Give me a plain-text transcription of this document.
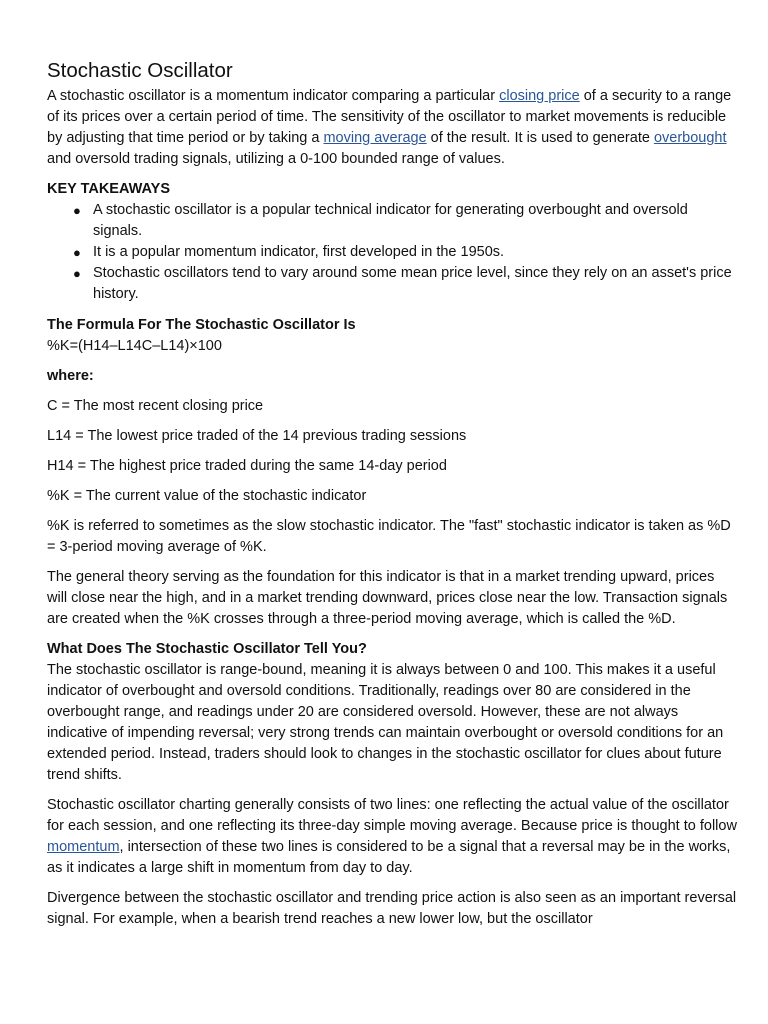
Stochastic Oscillator

A stochastic oscillator is a momentum indicator comparing a particular closing price of a security to a range of its prices over a certain period of time. The sensitivity of the oscillator to market movements is reducible by adjusting that time period or by taking a moving average of the result. It is used to generate overbought and oversold trading signals, utilizing a 0-100 bounded range of values.

KEY TAKEAWAYS

● A stochastic oscillator is a popular technical indicator for generating overbought and oversold signals.
● It is a popular momentum indicator, first developed in the 1950s.
● Stochastic oscillators tend to vary around some mean price level, since they rely on an asset's price history.

The Formula For The Stochastic Oscillator Is

%K=(H14–L14C–L14)×100

where:

C = The most recent closing price

L14 = The lowest price traded of the 14 previous trading sessions

H14 = The highest price traded during the same 14-day period

%K = The current value of the stochastic indicator

%K is referred to sometimes as the slow stochastic indicator. The "fast" stochastic indicator is taken as %D = 3-period moving average of %K.

The general theory serving as the foundation for this indicator is that in a market trending upward, prices will close near the high, and in a market trending downward, prices close near the low. Transaction signals are created when the %K crosses through a three-period moving average, which is called the %D.

What Does The Stochastic Oscillator Tell You?

The stochastic oscillator is range-bound, meaning it is always between 0 and 100. This makes it a useful indicator of overbought and oversold conditions. Traditionally, readings over 80 are considered in the overbought range, and readings under 20 are considered oversold. However, these are not always indicative of impending reversal; very strong trends can maintain overbought or oversold conditions for an extended period. Instead, traders should look to changes in the stochastic oscillator for clues about future trend shifts.

Stochastic oscillator charting generally consists of two lines: one reflecting the actual value of the oscillator for each session, and one reflecting its three-day simple moving average. Because price is thought to follow momentum, intersection of these two lines is considered to be a signal that a reversal may be in the works, as it indicates a large shift in momentum from day to day.

Divergence between the stochastic oscillator and trending price action is also seen as an important reversal signal. For example, when a bearish trend reaches a new lower low, but the oscillator
